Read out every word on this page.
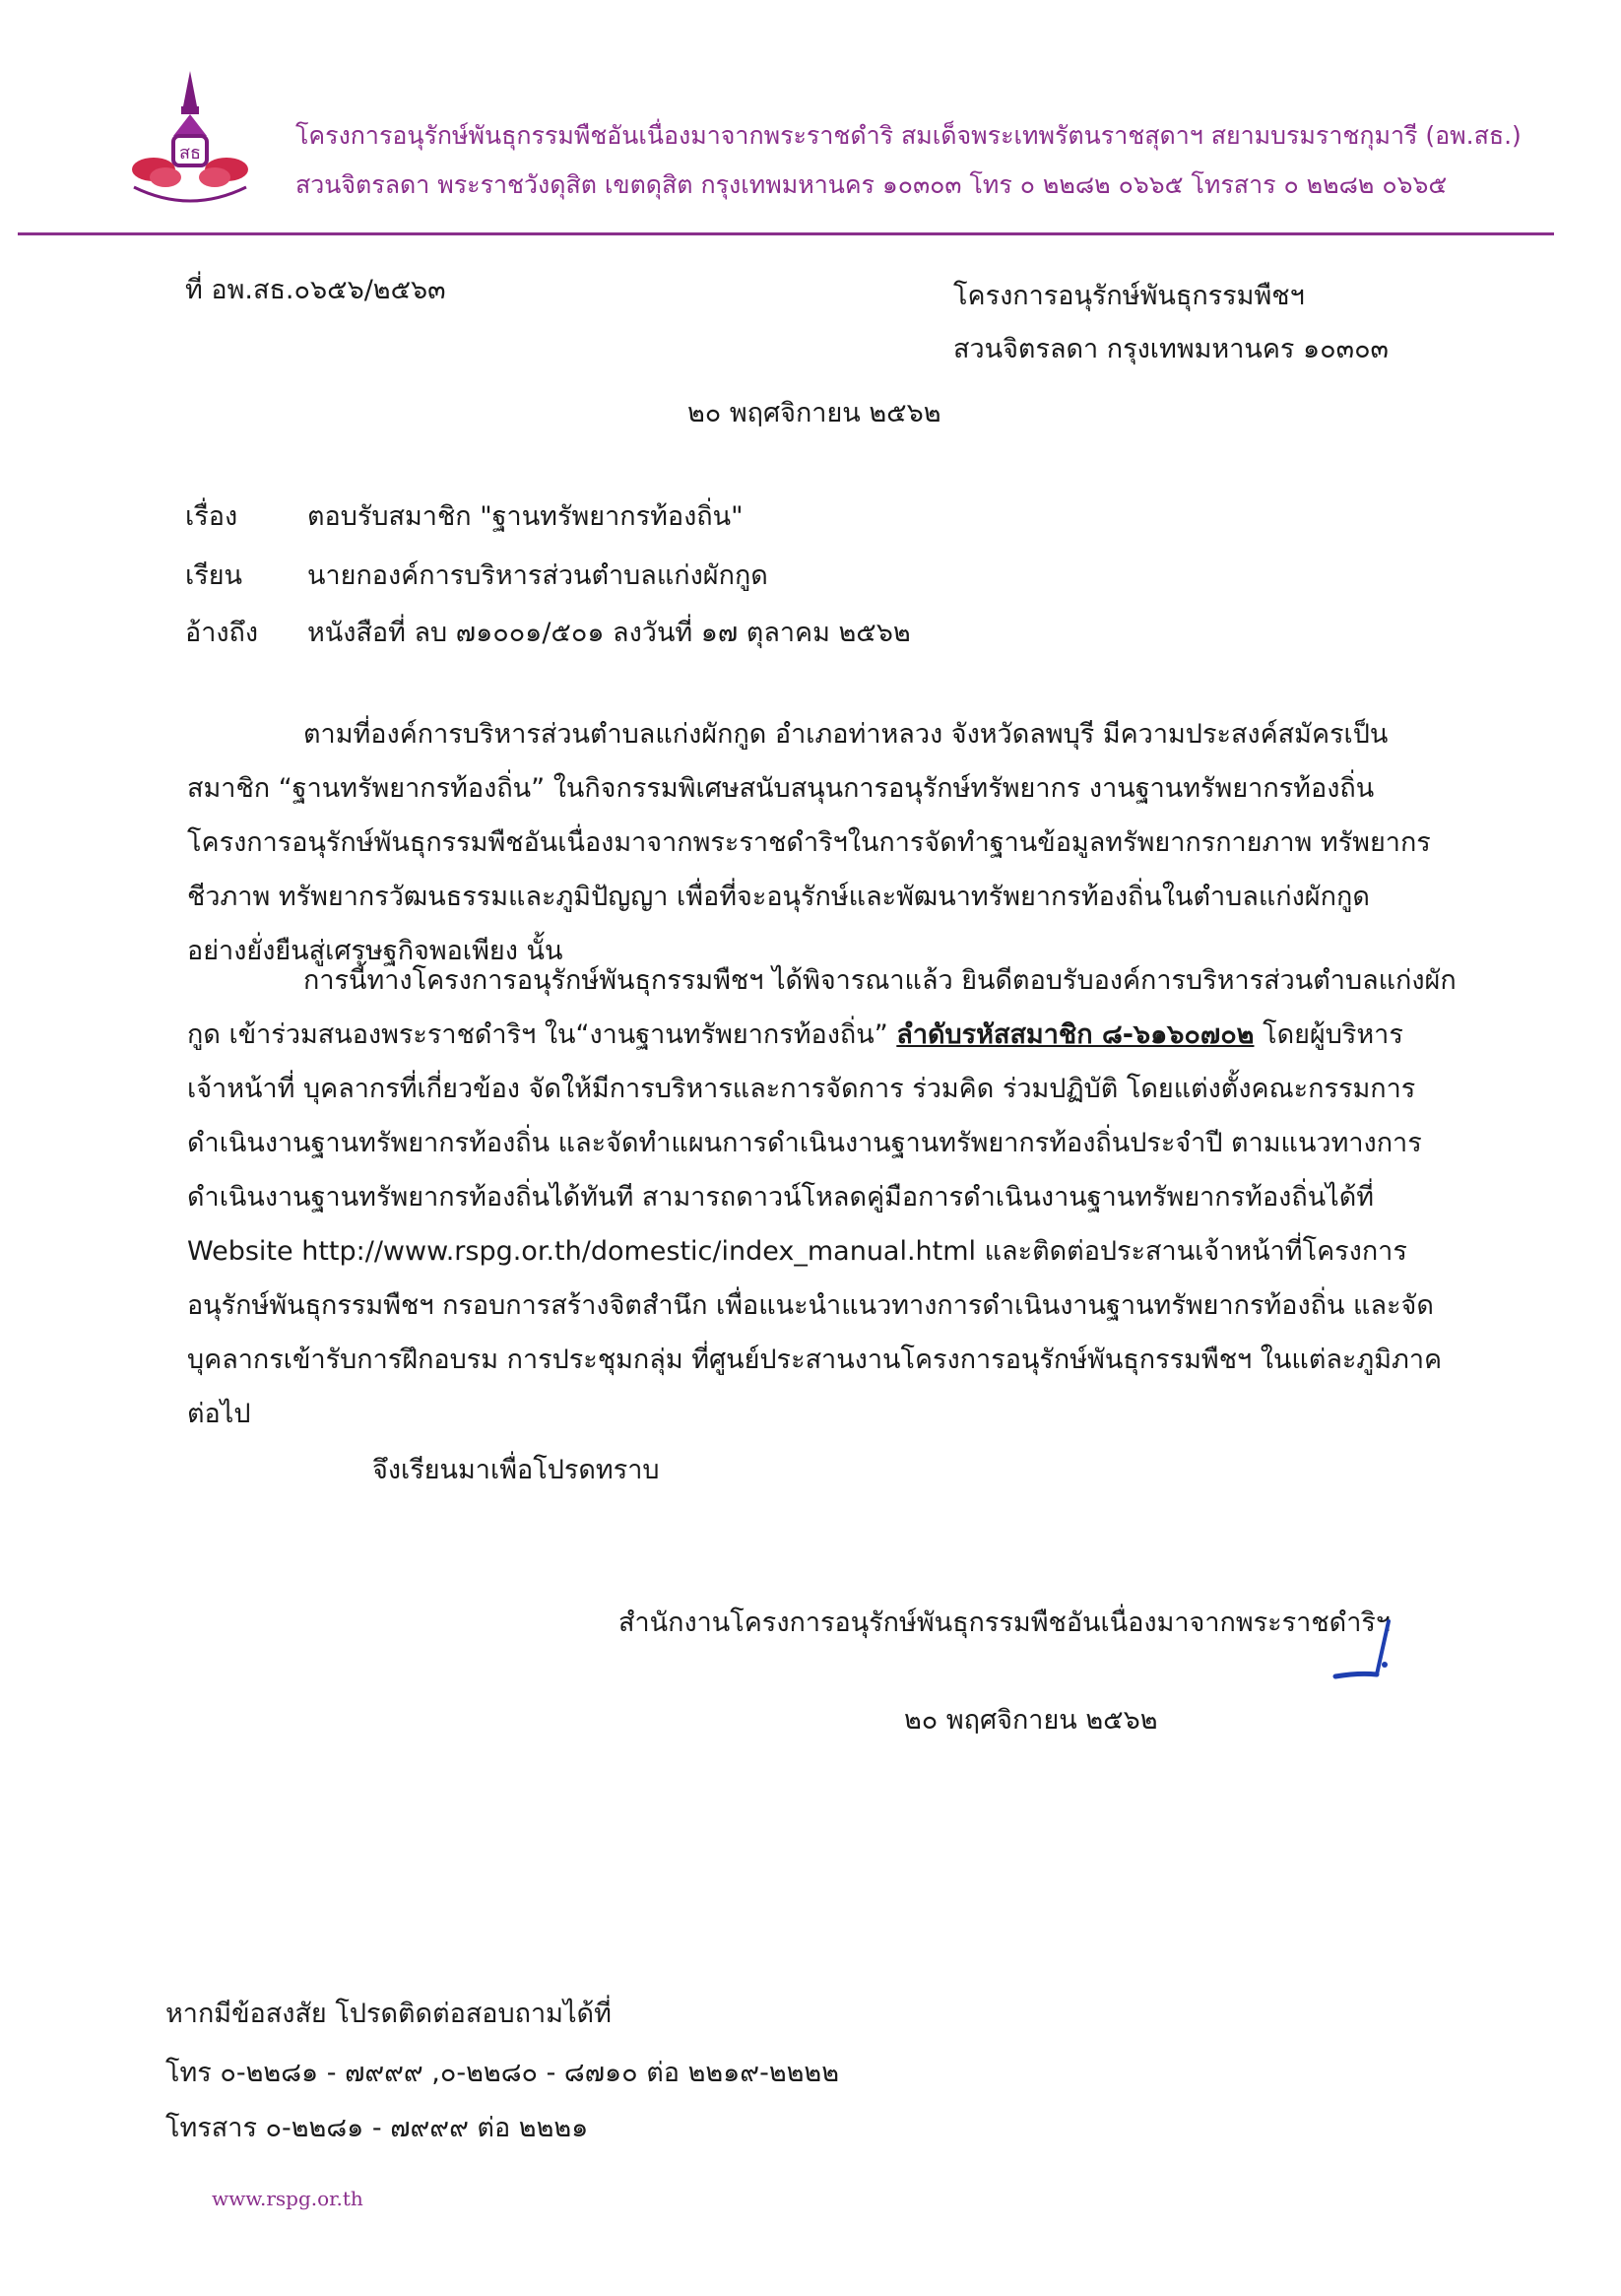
สธ
โครงการอนุรักษ์พันธุกรรมพืชอันเนื่องมาจากพระราชดำริ สมเด็จพระเทพรัตนราชสุดาฯ สยามบรมราชกุมารี (อพ.สธ.)
สวนจิตรลดา พระราชวังดุสิต เขตดุสิต กรุงเทพมหานคร ๑๐๓๐๓ โทร ๐ ๒๒๘๒ ๐๖๖๕ โทรสาร ๐ ๒๒๘๒ ๐๖๖๕
ที่ อพ.สธ.๐๖๕๖/๒๕๖๓	โครงการอนุรักษ์พันธุกรรมพืชฯ
สวนจิตรลดา กรุงเทพมหานคร ๑๐๓๐๓
๒๐ พฤศจิกายน ๒๕๖๒
เรื่อง	ตอบรับสมาชิก "ฐานทรัพยากรท้องถิ่น"
เรียน นายกองค์การบริหารส่วนตำบลแก่งผักกูด
อ้างถึง หนังสือที่ ลบ ๗๑๐๐๑/๕๐๑ ลงวันที่ ๑๗ ตุลาคม ๒๕๖๒
ตามที่องค์การบริหารส่วนตำบลแก่งผักกูด อำเภอท่าหลวง จังหวัดลพบุรี มีความประสงค์สมัครเป็น
สมาชิก “ฐานทรัพยากรท้องถิ่น” ในกิจกรรมพิเศษสนับสนุนการอนุรักษ์ทรัพยากร งานฐานทรัพยากรท้องถิ่น
โครงการอนุรักษ์พันธุกรรมพืชอันเนื่องมาจากพระราชดำริฯในการจัดทำฐานข้อมูลทรัพยากรกายภาพ ทรัพยากร
ชีวภาพ ทรัพยากรวัฒนธรรมและภูมิปัญญา เพื่อที่จะอนุรักษ์และพัฒนาทรัพยากรท้องถิ่นในตำบลแก่งผักกูด
อย่างยั่งยืนสู่เศรษฐกิจพอเพียง นั้น
การนี้ทางโครงการอนุรักษ์พันธุกรรมพืชฯ ได้พิจารณาแล้ว ยินดีตอบรับองค์การบริหารส่วนตำบลแก่งผัก
กูด เข้าร่วมสนองพระราชดำริฯ ใน“งานฐานทรัพยากรท้องถิ่น” ลำดับรหัสสมาชิก ๘-๖๑๖๐๗๐๒ โดยผู้บริหาร
เจ้าหน้าที่ บุคลากรที่เกี่ยวข้อง จัดให้มีการบริหารและการจัดการ ร่วมคิด ร่วมปฏิบัติ โดยแต่งตั้งคณะกรรมการ
ดำเนินงานฐานทรัพยากรท้องถิ่น และจัดทำแผนการดำเนินงานฐานทรัพยากรท้องถิ่นประจำปี ตามแนวทางการ
ดำเนินงานฐานทรัพยากรท้องถิ่นได้ทันที สามารถดาวน์โหลดคู่มือการดำเนินงานฐานทรัพยากรท้องถิ่นได้ที่
Website http://www.rspg.or.th/domestic/index_manual.html และติดต่อประสานเจ้าหน้าที่โครงการ
อนุรักษ์พันธุกรรมพืชฯ กรอบการสร้างจิตสำนึก เพื่อแนะนำแนวทางการดำเนินงานฐานทรัพยากรท้องถิ่น และจัด
บุคลากรเข้ารับการฝึกอบรม การประชุมกลุ่ม ที่ศูนย์ประสานงานโครงการอนุรักษ์พันธุกรรมพืชฯ ในแต่ละภูมิภาค
ต่อไป
จึงเรียนมาเพื่อโปรดทราบ
สำนักงานโครงการอนุรักษ์พันธุกรรมพืชอันเนื่องมาจากพระราชดำริฯ
๒๐ พฤศจิกายน ๒๕๖๒
หากมีข้อสงสัย โปรดติดต่อสอบถามได้ที่
โทร ๐-๒๒๘๑ - ๗๙๙๙ ,๐-๒๒๘๐ - ๘๗๑๐ ต่อ ๒๒๑๙-๒๒๒๒
โทรสาร ๐-๒๒๘๑ - ๗๙๙๙ ต่อ ๒๒๒๑
www.rspg.or.th
